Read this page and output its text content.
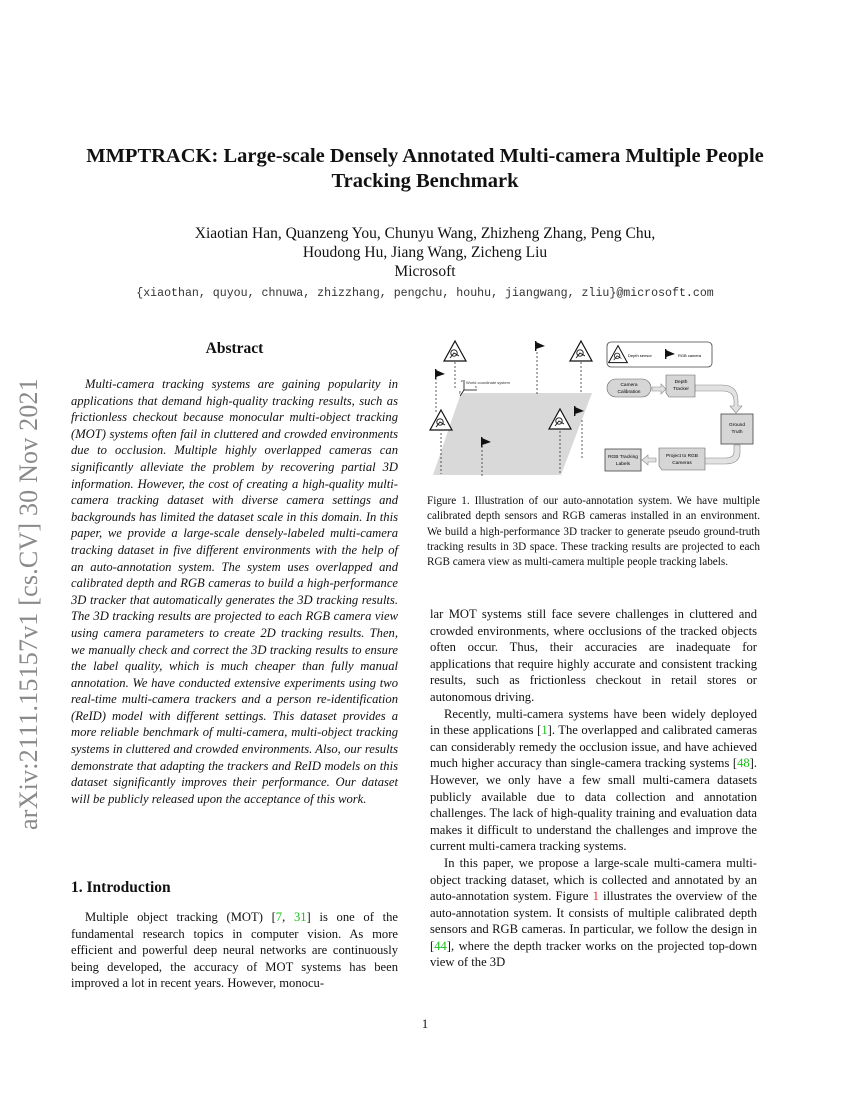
arXiv:2111.15157v1 [cs.CV] 30 Nov 2021
MMPTRACK: Large-scale Densely Annotated Multi-camera Multiple People Tracking Benchmark
Xiaotian Han, Quanzeng You, Chunyu Wang, Zhizheng Zhang, Peng Chu,
Houdong Hu, Jiang Wang, Zicheng Liu
Microsoft
{xiaothan, quyou, chnuwa, zhizzhang, pengchu, houhu, jiangwang, zliu}@microsoft.com
Abstract

Multi-camera tracking systems are gaining popularity in applications that demand high-quality tracking results, such as frictionless checkout because monocular multi-object tracking (MOT) systems often fail in cluttered and crowded environments due to occlusion. Multiple highly overlapped cameras can significantly alleviate the problem by recovering partial 3D information. However, the cost of creating a high-quality multi-camera tracking dataset with diverse camera settings and backgrounds has limited the dataset scale in this domain. In this paper, we provide a large-scale densely-labeled multi-camera tracking dataset in five different environments with the help of an auto-annotation system. The system uses overlapped and calibrated depth and RGB cameras to build a high-performance 3D tracker that automatically generates the 3D tracking results. The 3D tracking results are projected to each RGB camera view using camera parameters to create 2D tracking results. Then, we manually check and correct the 3D tracking results to ensure the label quality, which is much cheaper than fully manual annotation. We have conducted extensive experiments using two real-time multi-camera trackers and a person re-identification (ReID) model with different settings. This dataset provides a more reliable benchmark of multi-camera, multi-object tracking systems in cluttered and crowded environments. Also, our results demonstrate that adapting the trackers and ReID models on this dataset significantly improves their performance. Our dataset will be publicly released upon the acceptance of this work.

1. Introduction

Multiple object tracking (MOT) [7, 31] is one of the fundamental research topics in computer vision. As more efficient and powerful deep neural networks are continuously being developed, the accuracy of MOT systems has been improved a lot in recent years. However, monocu-

z
x
y
World coordinate system
Depth sensor	RGB camera
Camera
Calibration
Depth
Tracker
Ground
Truth
Project to RGB
Cameras
RGB Tracking
Labels
Figure 1. Illustration of our auto-annotation system. We have multiple calibrated depth sensors and RGB cameras installed in an environment. We build a high-performance 3D tracker to generate pseudo ground-truth tracking results in 3D space. These tracking results are projected to each RGB camera view as multi-camera multiple people tracking labels.

lar MOT systems still face severe challenges in cluttered and crowded environments, where occlusions of the tracked objects often occur. Thus, their accuracies are inadequate for applications that require highly accurate and consistent tracking results, such as frictionless checkout in retail stores or autonomous driving.

Recently, multi-camera systems have been widely deployed in these applications [1]. The overlapped and calibrated cameras can considerably remedy the occlusion issue, and have achieved much higher accuracy than single-camera tracking systems [48]. However, we only have a few small multi-camera datasets publicly available due to data collection and annotation challenges. The lack of high-quality training and evaluation data makes it difficult to understand the challenges and improve the current multi-camera tracking systems.

In this paper, we propose a large-scale multi-camera multi-object tracking dataset, which is collected and annotated by an auto-annotation system. Figure 1 illustrates the overview of the auto-annotation system. It consists of multiple calibrated depth sensors and RGB cameras. In particular, we follow the design in [44], where the depth tracker works on the projected top-down view of the 3D

1
